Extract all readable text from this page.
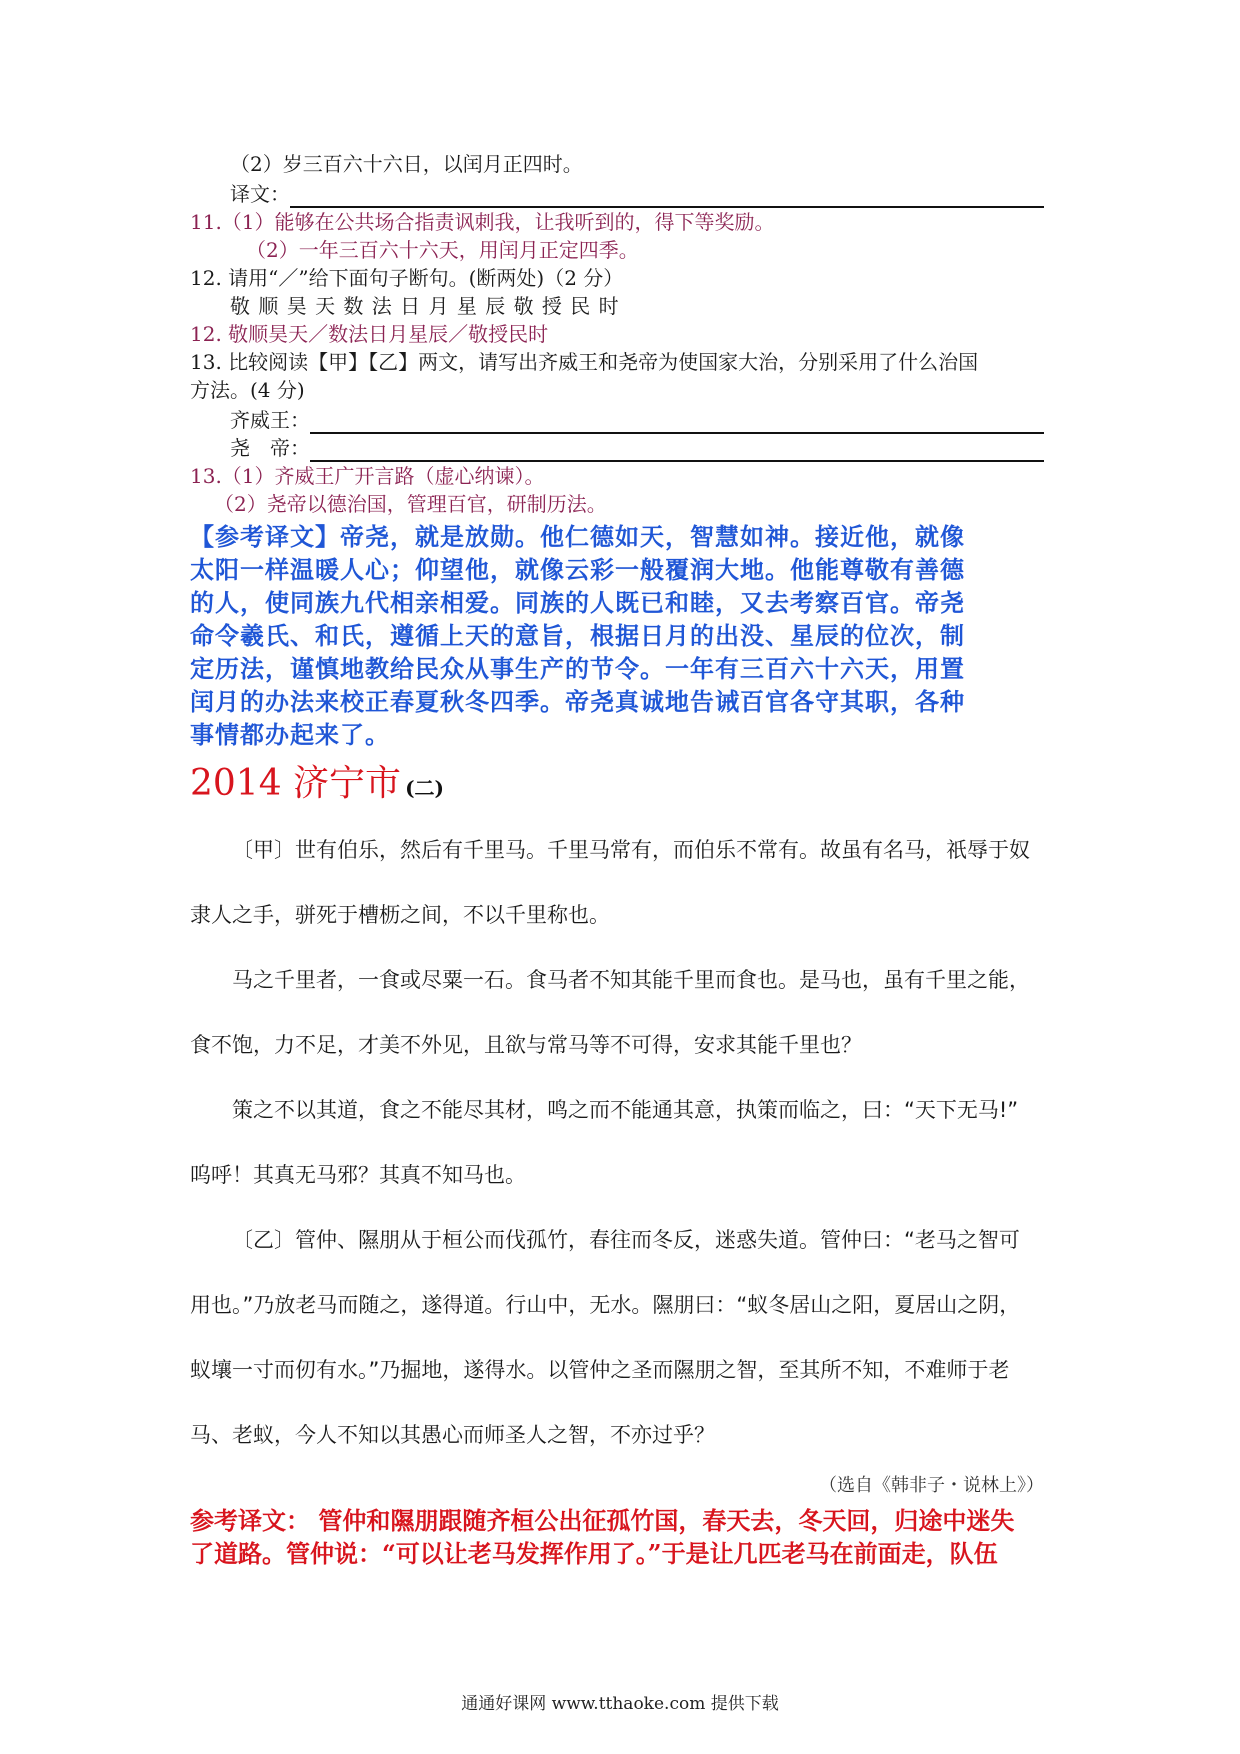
（2）岁三百六十六日，以闰月正四时。
译文：
11.（1）能够在公共场合指责讽刺我，让我听到的，得下等奖励。
（2）一年三百六十六天，用闰月正定四季。
12. 请用“／”给下面句子断句。(断两处)（2 分）
敬 顺 昊 天 数 法 日 月 星 辰 敬 授 民 时
12. 敬顺昊天／数法日月星辰／敬授民时
13. 比较阅读【甲】【乙】两文，请写出齐威王和尧帝为使国家大治，分别采用了什么治国
方法。(4 分)
齐威王：
尧　帝：
13.（1）齐威王广开言路（虚心纳谏）。
（2）尧帝以德治国，管理百官，研制历法。
【参考译文】帝尧，就是放勋。他仁德如天，智慧如神。接近他，就像
太阳一样温暖人心；仰望他，就像云彩一般覆润大地。他能尊敬有善德
的人，使同族九代相亲相爱。同族的人既已和睦，又去考察百官。帝尧
命令羲氏、和氏，遵循上天的意旨，根据日月的出没、星辰的位次，制
定历法，谨慎地教给民众从事生产的节令。一年有三百六十六天，用置
闰月的办法来校正春夏秋冬四季。帝尧真诚地告诫百官各守其职，各种
事情都办起来了。
2014 济宁市 (二)
〔甲〕世有伯乐，然后有千里马。千里马常有，而伯乐不常有。故虽有名马，祇辱于奴
隶人之手，骈死于槽枥之间，不以千里称也。
马之千里者，一食或尽粟一石。食马者不知其能千里而食也。是马也，虽有千里之能，
食不饱，力不足，才美不外见，且欲与常马等不可得，安求其能千里也？
策之不以其道，食之不能尽其材，鸣之而不能通其意，执策而临之，曰：“天下无马!”
呜呼！其真无马邪？其真不知马也。
〔乙〕管仲、隰朋从于桓公而伐孤竹，春往而冬反，迷惑失道。管仲曰：“老马之智可
用也。”乃放老马而随之，遂得道。行山中，无水。隰朋曰：“蚁冬居山之阳，夏居山之阴，
蚁壤一寸而仞有水。”乃掘地，遂得水。以管仲之圣而隰朋之智，至其所不知，不难师于老
马、老蚁，今人不知以其愚心而师圣人之智，不亦过乎？
（选自《韩非子・说林上》）
参考译文： 管仲和隰朋跟随齐桓公出征孤竹国，春天去，冬天回，归途中迷失
了道路。管仲说：“可以让老马发挥作用了。”于是让几匹老马在前面走，队伍
通通好课网 www.tthaoke.com 提供下载
